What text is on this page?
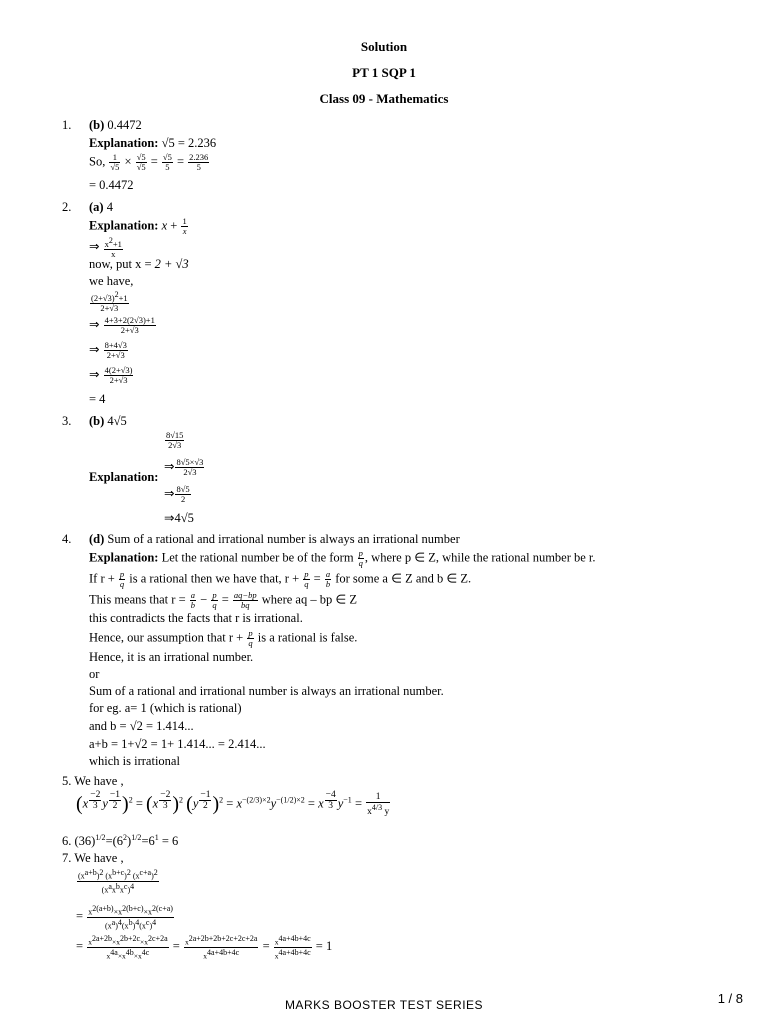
Solution
PT 1 SQP 1
Class 09 - Mathematics
1. (b) 0.4472
Explanation: √5 = 2.236
So, $\frac{1}{√5} \times \frac{√5}{√5} = \frac{√5}{5} = \frac{2.236}{5}$
= 0.4472
2. (a) 4
Explanation: $x + \frac{1}{x}$
⇒ $\frac{x^2+1}{x}$
now, put x = 2 + √3
we have,
$\frac{(2+√3)^2+1}{2+√3}$
⇒ $\frac{4+3+2(2√3)+1}{2+√3}$
⇒ $\frac{8+4√3}{2+√3}$
⇒ $\frac{4(2+√3)}{2+√3}$
= 4
3. (b) 4√5
$\frac{8√15}{2√3}$
Explanation:
⇒ $\frac{8√5\times√3}{2√3}$
⇒ $\frac{8√5}{2}$
⇒4√5
4. (d) Sum of a rational and irrational number is always an irrational number
Explanation: Let the rational number be of the form $\frac{p}{q}$ , where p ∈ Z, while the rational number be r.
If $r + \frac{p}{q}$ is a rational then we have that, $r + \frac{p}{q} = \frac{a}{b}$ for some a ∈ Z and b ∈ Z.
This means that $r = \frac{a}{b} - \frac{p}{q} = \frac{aq-bp}{bq}$ where aq – bp ∈ Z
this contradicts the facts that r is irrational.
Hence, our assumption that $r + \frac{p}{q}$ is a rational is false.
Hence, it is an irrational number.
or
Sum of a rational and irrational number is always an irrational number.
for eg. a= 1 (which is rational)
and b = √2 = 1.414...
a+b = 1+√2 = 1+ 1.414... = 2.414...
which is irrational
5. We have ,
(x $^{\frac{-2}{3}}$ y $^{\frac{-1}{2}}$ )$^2$ = (x $^{\frac{-2}{3}}$ )$^2$ (y $^{\frac{-1}{2}}$ )$^2 = x^{-(2/3)\times 2}y^{-(1/2)\times 2} = x$ $^{\frac{-4}{3}}$ $y^{-1} = \frac{1}{x^{4/3} y}$
6. $(36)^{1/2}=(6^2)^{1/2}=6^1 = 6$
7. We have ,
$\frac{(x^{a+b})^2 (x^{b+c})^2 (x^{c+a})^2}{(x^ax^bx^c)^4}$
= $\frac{x^{2(a+b)}\times x^{2(b+c)}\times x^{2(c+a)}}{(x^a)^4(x^b)^4(x^c)^4}$
= $\frac{x^{2a+2b}\times x^{2b+2c}\times x^{2c+2a}}{x^{4a}\times x^{4b}\times x^{4c}} = \frac{x^{2a+2b+2b+2c+2c+2a}}{x^{4a+4b+4c}} = \frac{x^{4a+4b+4c}}{x^{4a+4b+4c}} = 1$
MARKS BOOSTER TEST SERIES	1 / 8
